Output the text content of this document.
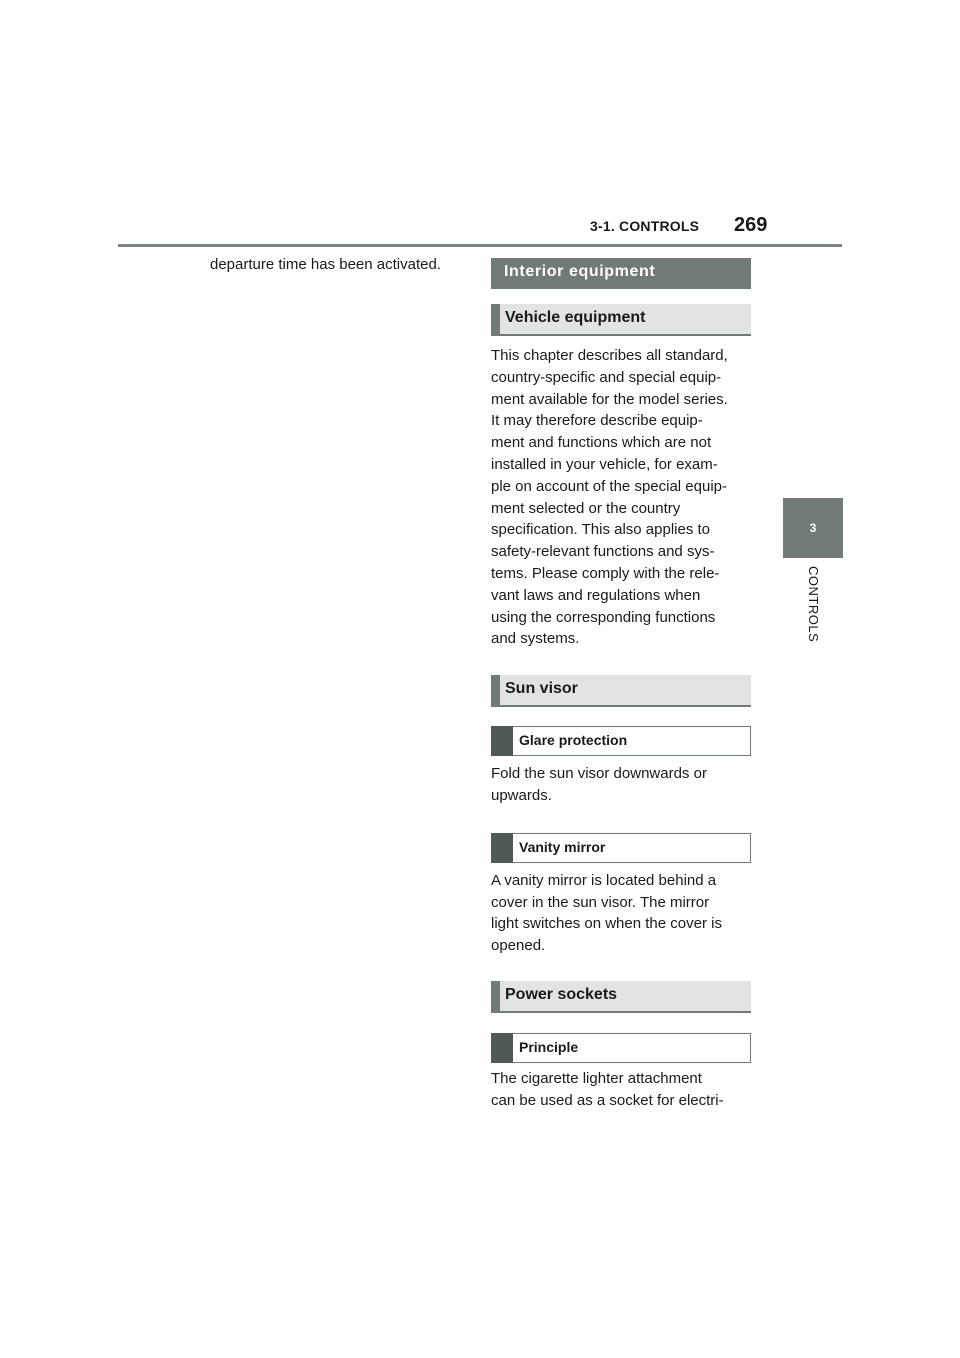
3-1. CONTROLS 269
3
CONTROLS
departure time has been activated.	Interior equipment
Vehicle equipment
This chapter describes all standard,
country-specific and special equip-
ment available for the model series.
It may therefore describe equip-
ment and functions which are not
installed in your vehicle, for exam-
ple on account of the special equip-
ment selected or the country
specification. This also applies to
safety-relevant functions and sys-
tems. Please comply with the rele-
vant laws and regulations when
using the corresponding functions
and systems.
Sun visor
Glare protection
Fold the sun visor downwards or
upwards.
Vanity mirror
A vanity mirror is located behind a
cover in the sun visor. The mirror
light switches on when the cover is
opened.
Power sockets
Principle
The cigarette lighter attachment
can be used as a socket for electri-
